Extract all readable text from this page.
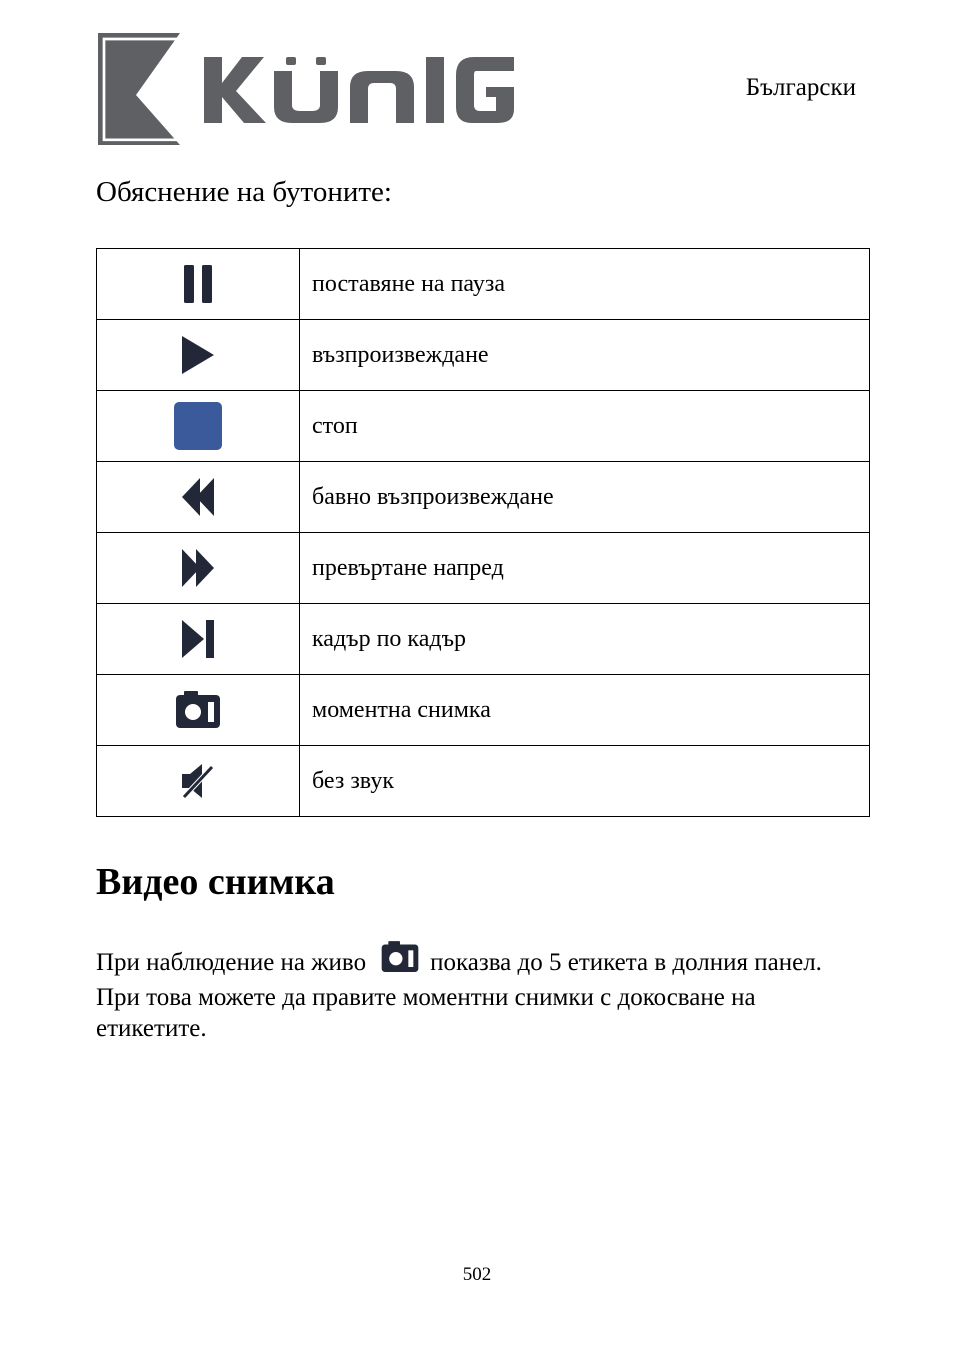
Български
Обяснение на бутоните:
	поставяне на пауза
	възпроизвеждане
	стоп
	бавно възпроизвеждане
	превъртане напред
	кадър по кадър
	моментна снимка
	без звук
Видео снимка

При наблюдение на живо	показва до 5 етикета в долния панел. При това можете да правите моментни снимки с докосване на етикетите.

502
